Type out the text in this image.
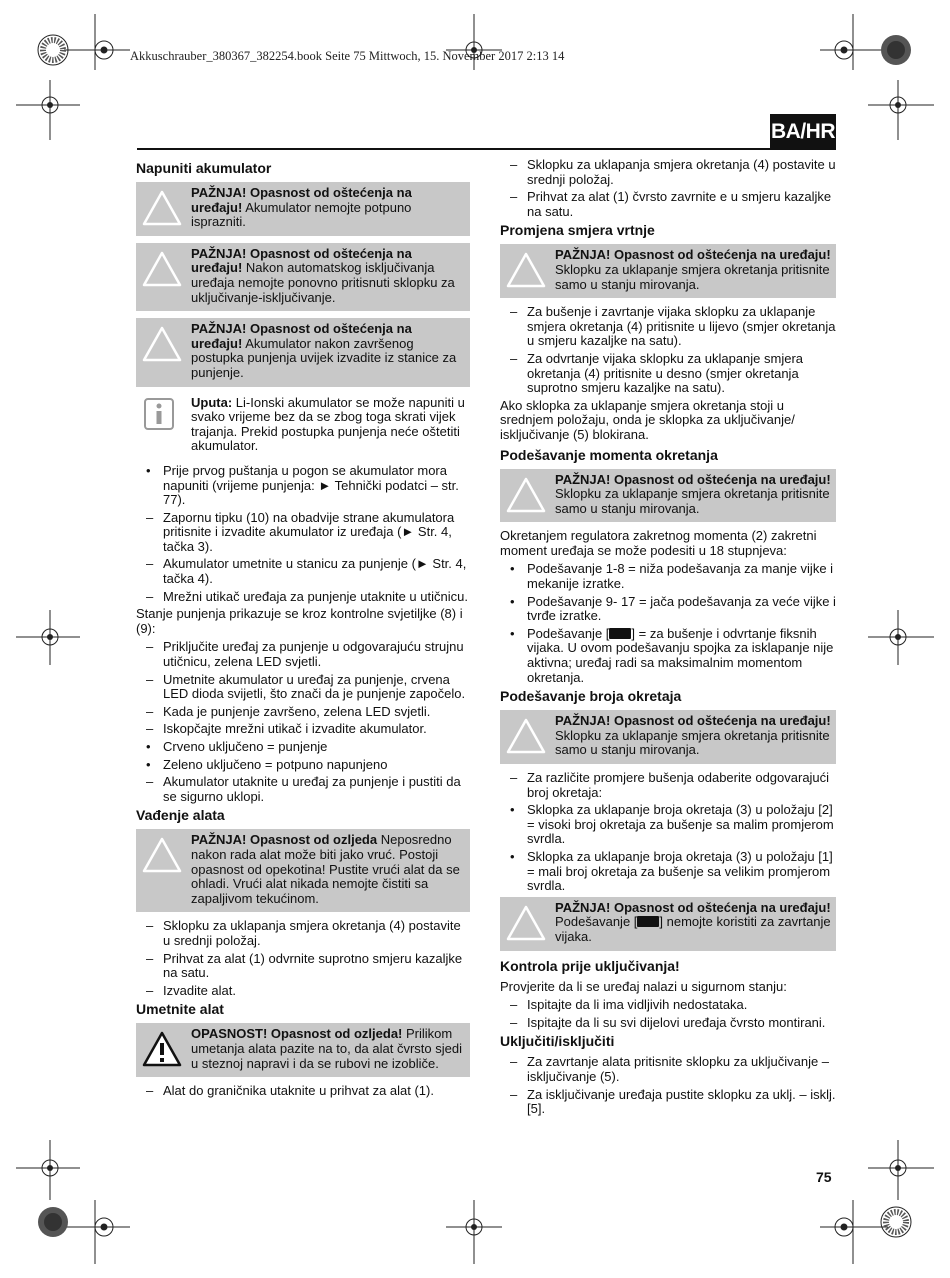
Akkuschrauber_380367_382254.book Seite 75 Mittwoch, 15. November 2017 2:13 14
BA/HR
Napuniti akumulator
PAŽNJA! Opasnost od oštećenja na uređaju! Akumulator nemojte potpuno isprazniti.
PAŽNJA! Opasnost od oštećenja na uređaju! Nakon automatskog isključivanja uređaja nemojte ponovno pritisnuti sklopku za uključivanje-isključivanje.
PAŽNJA! Opasnost od oštećenja na uređaju! Akumulator nakon završenog postupka punjenja uvijek izvadite iz stanice za punjenje.
Uputa: Li-Ionski akumulator se može napuniti u svako vrijeme bez da se zbog toga skrati vijek trajanja. Prekid postupka punjenja neće oštetiti akumulator.
• Prije prvog puštanja u pogon se akumulator mora napuniti (vrijeme punjenja: ► Tehnički podatci – str. 77).
– Zapornu tipku (10) na obadvije strane akumulatora pritisnite i izvadite akumulator iz uređaja (► Str. 4, tačka 3).
– Akumulator umetnite u stanicu za punjenje (► Str. 4, tačka 4).
– Mrežni utikač uređaja za punjenje utaknite u utičnicu.

Stanje punjenja prikazuje se kroz kontrolne svjetiljke (8) i (9):

– Priključite uređaj za punjenje u odgovarajuću strujnu utičnicu, zelena LED svjetli.
– Umetnite akumulator u uređaj za punjenje, crvena LED dioda svijetli, što znači da je punjenje započelo.
– Kada je punjenje završeno, zelena LED svjetli.
– Iskopčajte mrežni utikač i izvadite akumulator.
• Crveno uključeno = punjenje
• Zeleno uključeno = potpuno napunjeno
– Akumulator utaknite u uređaj za punjenje i pustiti da se sigurno uklopi.
Vađenje alata
PAŽNJA! Opasnost od ozljeda Neposredno nakon rada alat može biti jako vruć. Postoji opasnost od opekotina! Pustite vrući alat da se ohladi. Vrući alat nikada nemojte čistiti sa zapaljivom tekućinom.
– Sklopku za uklapanja smjera okretanja (4) postavite u srednji položaj.
– Prihvat za alat (1) odvrnite suprotno smjeru kazaljke na satu.
– Izvadite alat.
Umetnite alat
OPASNOST! Opasnost od ozljeda! Prilikom umetanja alata pazite na to, da alat čvrsto sjedi u steznoj napravi i da se rubovi ne izobliče.
– Alat do graničnika utaknite u prihvat za alat (1).
– Sklopku za uklapanja smjera okretanja (4) postavite u srednji položaj.
– Prihvat za alat (1) čvrsto zavrnite e u smjeru kazaljke na satu.
Promjena smjera vrtnje
PAŽNJA! Opasnost od oštećenja na uređaju! Sklopku za uklapanje smjera okretanja pritisnite samo u stanju mirovanja.
– Za bušenje i zavrtanje vijaka sklopku za uklapanje smjera okretanja (4) pritisnite u lijevo (smjer okretanja u smjeru kazaljke na satu).
– Za odvrtanje vijaka sklopku za uklapanje smjera okretanja (4) pritisnite u desno (smjer okretanja suprotno smjeru kazaljke na satu).

Ako sklopka za uklapanje smjera okretanja stoji u srednjem položaju, onda je sklopka za uključivanje/ isključivanje (5) blokirana.

Podešavanje momenta okretanja
PAŽNJA! Opasnost od oštećenja na uređaju! Sklopku za uklapanje smjera okretanja pritisnite samo u stanju mirovanja.

Okretanjem regulatora zakretnog momenta (2) zakretni moment uređaja se može podesiti u 18 stupnjeva:

• Podešavanje 1-8 = niža podešavanja za manje vijke i mekanije izratke.
• Podešavanje 9- 17 = jača podešavanja za veće vijke i tvrđe izratke.
• Podešavanje [ ] = za bušenje i odvrtanje fiksnih vijaka. U ovom podešavanju spojka za isklapanje nije aktivna; uređaj radi sa maksimalnim momentom okretanja.
Podešavanje broja okretaja
PAŽNJA! Opasnost od oštećenja na uređaju! Sklopku za uklapanje smjera okretanja pritisnite samo u stanju mirovanja.
– Za različite promjere bušenja odaberite odgovarajući broj okretaja:
• Sklopka za uklapanje broja okretaja (3) u položaju [2] = visoki broj okretaja za bušenje sa malim promjerom svrdla.
• Sklopka za uklapanje broja okretaja (3) u položaju [1] = mali broj okretaja za bušenje sa velikim promjerom svrdla.
PAŽNJA! Opasnost od oštećenja na uređaju! Podešavanje [ ] nemojte koristiti za zavrtanje vijaka.
Kontrola prije uključivanja!

Provjerite da li se uređaj nalazi u sigurnom stanju:

– Ispitajte da li ima vidljivih nedostataka.
– Ispitajte da li su svi dijelovi uređaja čvrsto montirani.
Uključiti/isključiti
– Za zavrtanje alata pritisnite sklopku za uključivanje – isključivanje (5).
– Za isključivanje uređaja pustite sklopku za uklj. – isklj. [5].
75
